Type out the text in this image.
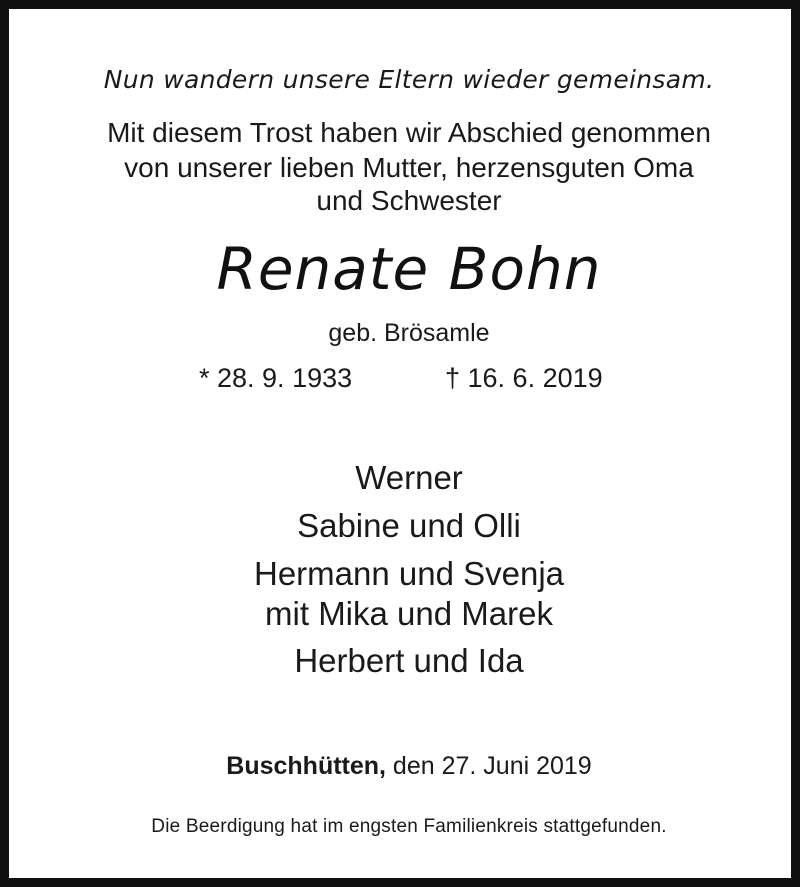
Nun wandern unsere Eltern wieder gemeinsam.
Mit diesem Trost haben wir Abschied genommen
von unserer lieben Mutter, herzensguten Oma
und Schwester
Renate Bohn
geb. Brösamle
* 28. 9. 1933	† 16. 6. 2019
Werner
Sabine und Olli
Hermann und Svenja
mit Mika und Marek
Herbert und Ida
Buschhütten, den 27. Juni 2019
Die Beerdigung hat im engsten Familienkreis stattgefunden.
